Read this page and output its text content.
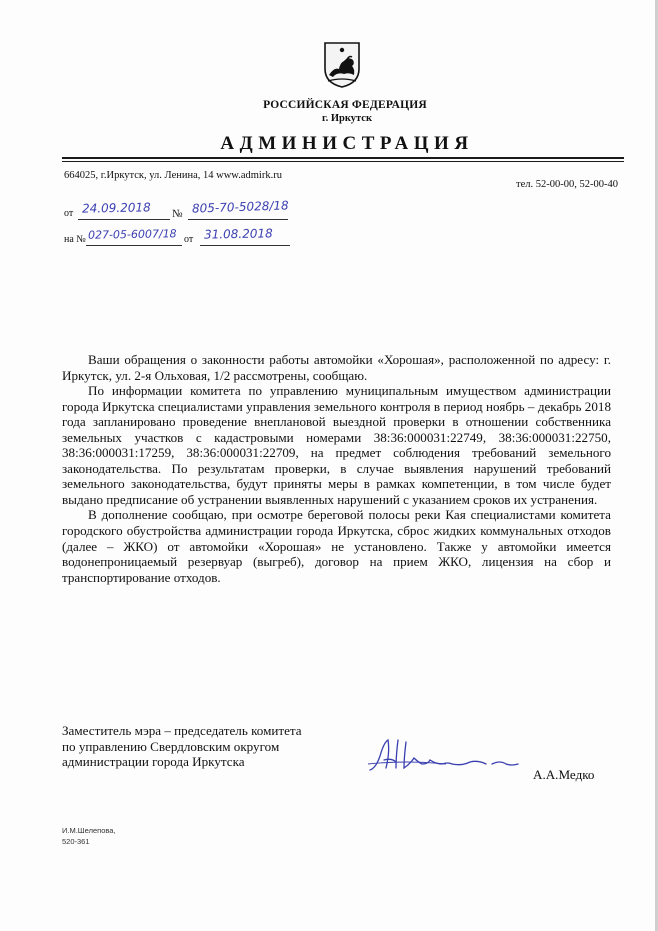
РОССИЙСКАЯ ФЕДЕРАЦИЯ
г. Иркутск
АДМИНИСТРАЦИЯ
664025, г.Иркутск, ул. Ленина, 14 www.admirk.ru
тел. 52-00-00, 52-00-40
от 24.09.2018 № 805-70-5028/18
на № 027-05-6007/18 от 31.08.2018

Ваши обращения о законности работы автомойки «Хорошая», расположенной по адресу: г. Иркутск, ул. 2-я Ольховая, 1/2 рассмотрены, сообщаю.

По информации комитета по управлению муниципальным имуществом администрации города Иркутска специалистами управления земельного контроля в период ноябрь – декабрь 2018 года запланировано проведение внеплановой выездной проверки в отношении собственника земельных участков с кадастровыми номерами 38:36:000031:22749, 38:36:000031:22750, 38:36:000031:17259, 38:36:000031:22709, на предмет соблюдения требований земельного законодательства. По результатам проверки, в случае выявления нарушений требований земельного законодательства, будут приняты меры в рамках компетенции, в том числе будет выдано предписание об устранении выявленных нарушений с указанием сроков их устранения.

В дополнение сообщаю, при осмотре береговой полосы реки Кая специалистами комитета городского обустройства администрации города Иркутска, сброс жидких коммунальных отходов (далее – ЖКО) от автомойки «Хорошая» не установлено. Также у автомойки имеется водонепроницаемый резервуар (выгреб), договор на прием ЖКО, лицензия на сбор и транспортирование отходов.

Заместитель мэра – председатель комитета
по управлению Свердловским округом
администрации города Иркутска
А.А.Медко
И.М.Шелепова,
520-361
